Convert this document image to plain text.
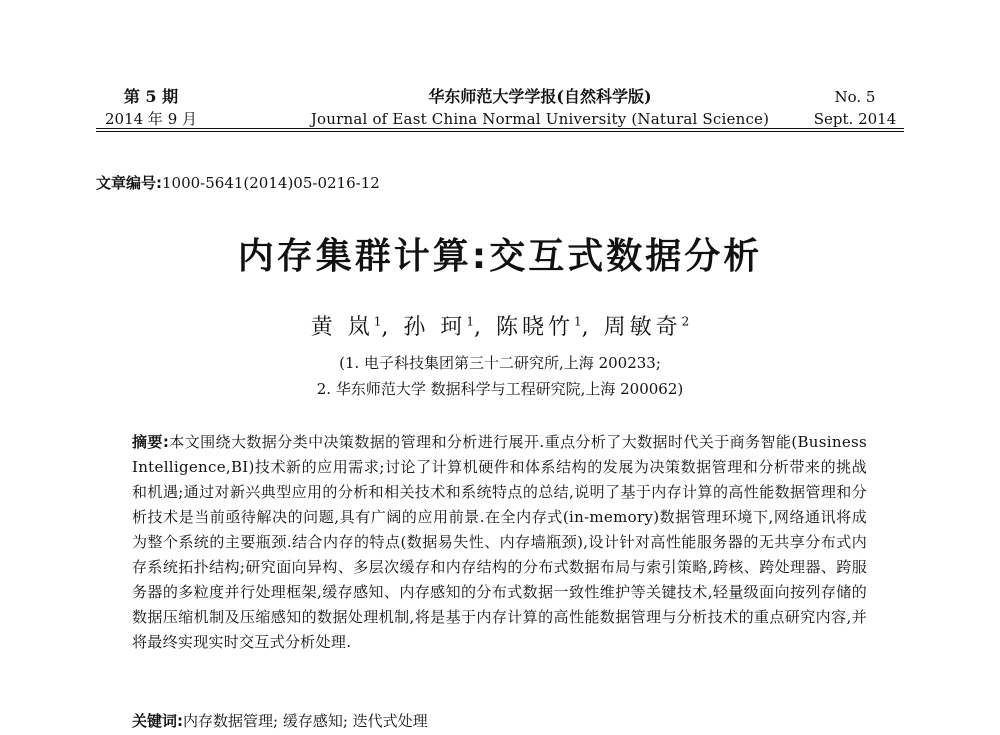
第 5 期
2014 年 9 月
华东师范大学学报(自然科学版)
Journal of East China Normal University (Natural Science)
No. 5
Sept. 2014
文章编号:1000-5641(2014)05-0216-12
内存集群计算:交互式数据分析
黄 岚$^1$, 孙 珂$^1$, 陈晓竹$^1$, 周敏奇$^2$
(1. 电子科技集团第三十二研究所,上海 200233;
2. 华东师范大学 数据科学与工程研究院,上海 200062)
摘要:本文围绕大数据分类中决策数据的管理和分析进行展开.重点分析了大数据时代关于商务智能(Business Intelligence,BI)技术新的应用需求;讨论了计算机硬件和体系结构的发展为决策数据管理和分析带来的挑战和机遇;通过对新兴典型应用的分析和相关技术和系统特点的总结,说明了基于内存计算的高性能数据管理和分析技术是当前亟待解决的问题,具有广阔的应用前景.在全内存式(in-memory)数据管理环境下,网络通讯将成为整个系统的主要瓶颈.结合内存的特点(数据易失性、内存墙瓶颈),设计针对高性能服务器的无共享分布式内存系统拓扑结构;研究面向异构、多层次缓存和内存结构的分布式数据布局与索引策略,跨核、跨处理器、跨服务器的多粒度并行处理框架,缓存感知、内存感知的分布式数据一致性维护等关键技术,轻量级面向按列存储的数据压缩机制及压缩感知的数据处理机制,将是基于内存计算的高性能数据管理与分析技术的重点研究内容,并将最终实现实时交互式分析处理.
关键词:内存数据管理; 缓存感知; 迭代式处理
